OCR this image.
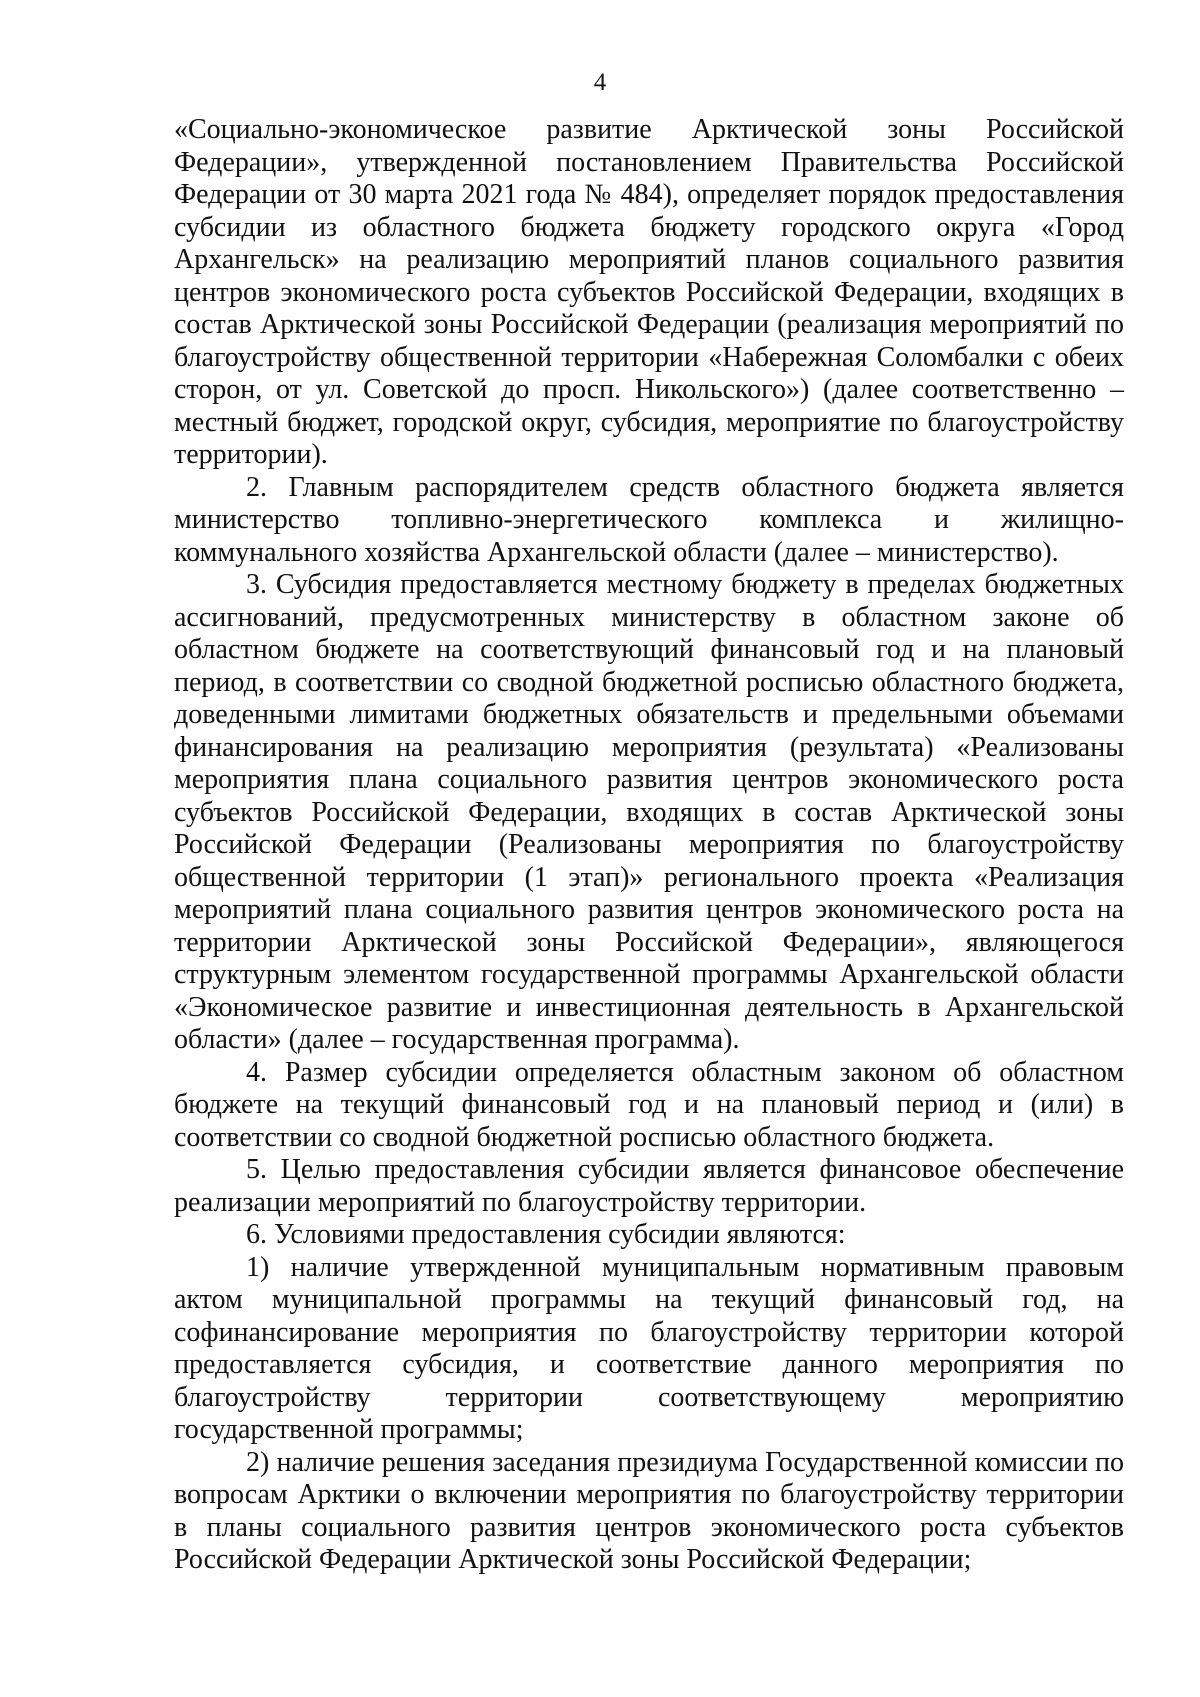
4

«Социально-экономическое развитие Арктической зоны Российской Федерации», утвержденной постановлением Правительства Российской Федерации от 30 марта 2021 года № 484), определяет порядок предоставления субсидии из областного бюджета бюджету городского округа «Город Архангельск» на реализацию мероприятий планов социального развития центров экономического роста субъектов Российской Федерации, входящих в состав Арктической зоны Российской Федерации (реализация мероприятий по благоустройству общественной территории «Набережная Соломбалки с обеих сторон, от ул. Советской до просп. Никольского») (далее соответственно – местный бюджет, городской округ, субсидия, мероприятие по благоустройству территории).

2. Главным распорядителем средств областного бюджета является министерство топливно-энергетического комплекса и жилищно-коммунального хозяйства Архангельской области (далее – министерство).

3. Субсидия предоставляется местному бюджету в пределах бюджетных ассигнований, предусмотренных министерству в областном законе об областном бюджете на соответствующий финансовый год и на плановый период, в соответствии со сводной бюджетной росписью областного бюджета, доведенными лимитами бюджетных обязательств и предельными объемами финансирования на реализацию мероприятия (результата) «Реализованы мероприятия плана социального развития центров экономического роста субъектов Российской Федерации, входящих в состав Арктической зоны Российской Федерации (Реализованы мероприятия по благоустройству общественной территории (1 этап)» регионального проекта «Реализация мероприятий плана социального развития центров экономического роста на территории Арктической зоны Российской Федерации», являющегося структурным элементом государственной программы Архангельской области «Экономическое развитие и инвестиционная деятельность в Архангельской области» (далее – государственная программа).

4. Размер субсидии определяется областным законом об областном бюджете на текущий финансовый год и на плановый период и (или) в соответствии со сводной бюджетной росписью областного бюджета.

5. Целью предоставления субсидии является финансовое обеспечение реализации мероприятий по благоустройству территории.

6. Условиями предоставления субсидии являются:

1) наличие утвержденной муниципальным нормативным правовым актом муниципальной программы на текущий финансовый год, на софинансирование мероприятия по благоустройству территории которой предоставляется субсидия, и соответствие данного мероприятия по благоустройству территории соответствующему мероприятию государственной программы;

2) наличие решения заседания президиума Государственной комиссии по вопросам Арктики о включении мероприятия по благоустройству территории в планы социального развития центров экономического роста субъектов Российской Федерации Арктической зоны Российской Федерации;
